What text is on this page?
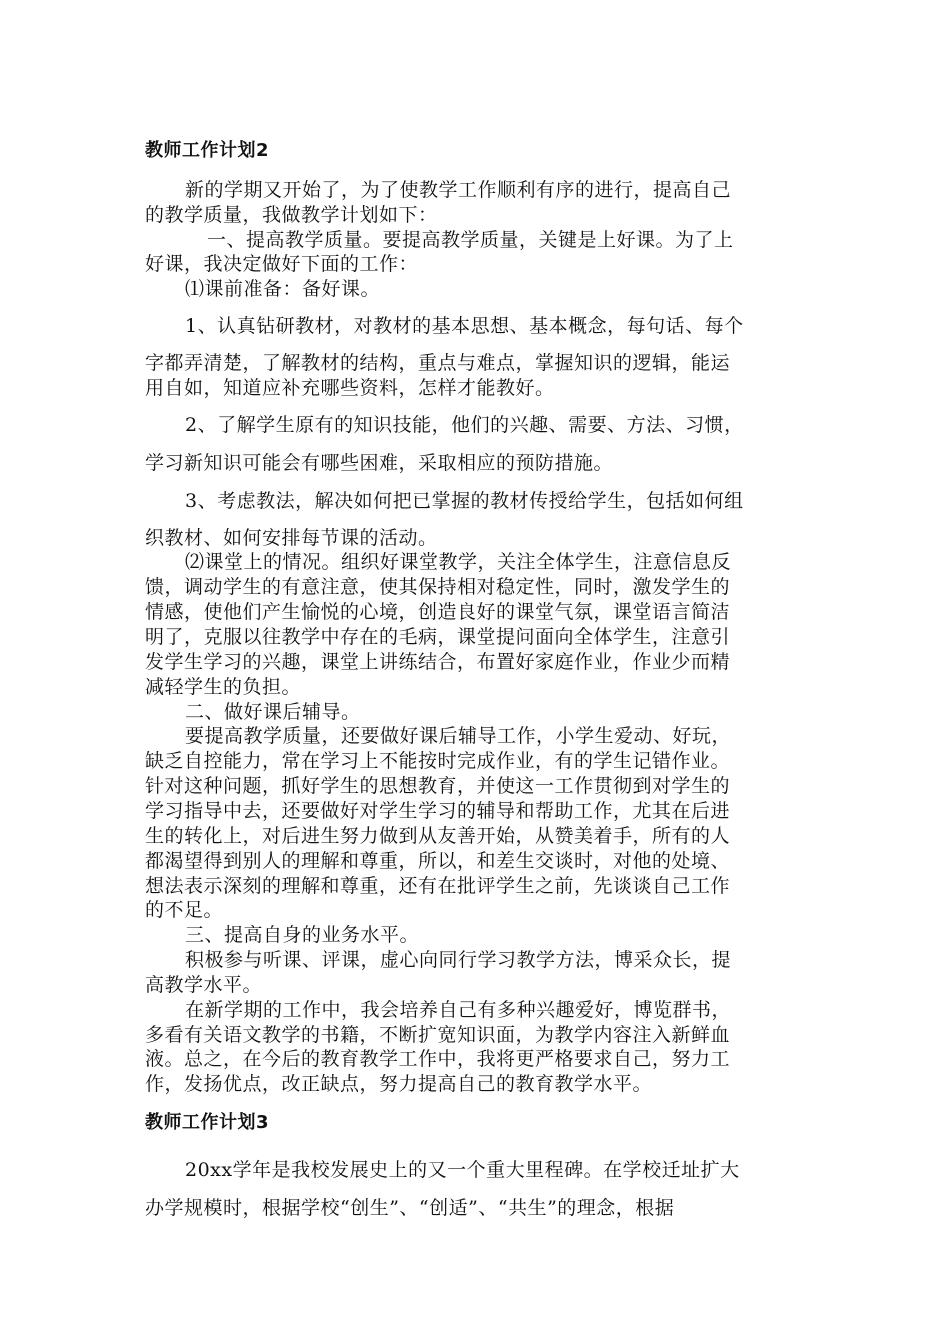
教师工作计划2
新的学期又开始了，为了使教学工作顺利有序的进行，提高自己
的教学质量，我做教学计划如下：
一、提高教学质量。要提高教学质量，关键是上好课。为了上
好课，我决定做好下面的工作：
⑴课前准备：备好课。
1、认真钻研教材，对教材的基本思想、基本概念，每句话、每个
字都弄清楚，了解教材的结构，重点与难点，掌握知识的逻辑，能运
用自如，知道应补充哪些资料，怎样才能教好。
2、了解学生原有的知识技能，他们的兴趣、需要、方法、习惯，
学习新知识可能会有哪些困难，采取相应的预防措施。
3、考虑教法，解决如何把已掌握的教材传授给学生，包括如何组
织教材、如何安排每节课的活动。
⑵课堂上的情况。组织好课堂教学，关注全体学生，注意信息反
馈，调动学生的有意注意，使其保持相对稳定性，同时，激发学生的
情感，使他们产生愉悦的心境，创造良好的课堂气氛，课堂语言简洁
明了，克服以往教学中存在的毛病，课堂提问面向全体学生，注意引
发学生学习的兴趣，课堂上讲练结合，布置好家庭作业，作业少而精
减轻学生的负担。
二、做好课后辅导。
要提高教学质量，还要做好课后辅导工作，小学生爱动、好玩，
缺乏自控能力，常在学习上不能按时完成作业，有的学生记错作业。
针对这种问题，抓好学生的思想教育，并使这一工作贯彻到对学生的
学习指导中去，还要做好对学生学习的辅导和帮助工作，尤其在后进
生的转化上，对后进生努力做到从友善开始，从赞美着手，所有的人
都渴望得到别人的理解和尊重，所以，和差生交谈时，对他的处境、
想法表示深刻的理解和尊重，还有在批评学生之前，先谈谈自己工作
的不足。
三、提高自身的业务水平。
积极参与听课、评课，虚心向同行学习教学方法，博采众长，提
高教学水平。
在新学期的工作中，我会培养自己有多种兴趣爱好，博览群书，
多看有关语文教学的书籍，不断扩宽知识面，为教学内容注入新鲜血
液。总之，在今后的教育教学工作中，我将更严格要求自己，努力工
作，发扬优点，改正缺点，努力提高自己的教育教学水平。
教师工作计划3
20xx学年是我校发展史上的又一个重大里程碑。在学校迁址扩大
办学规模时，根据学校“创生”、“创适”、“共生”的理念，根据
